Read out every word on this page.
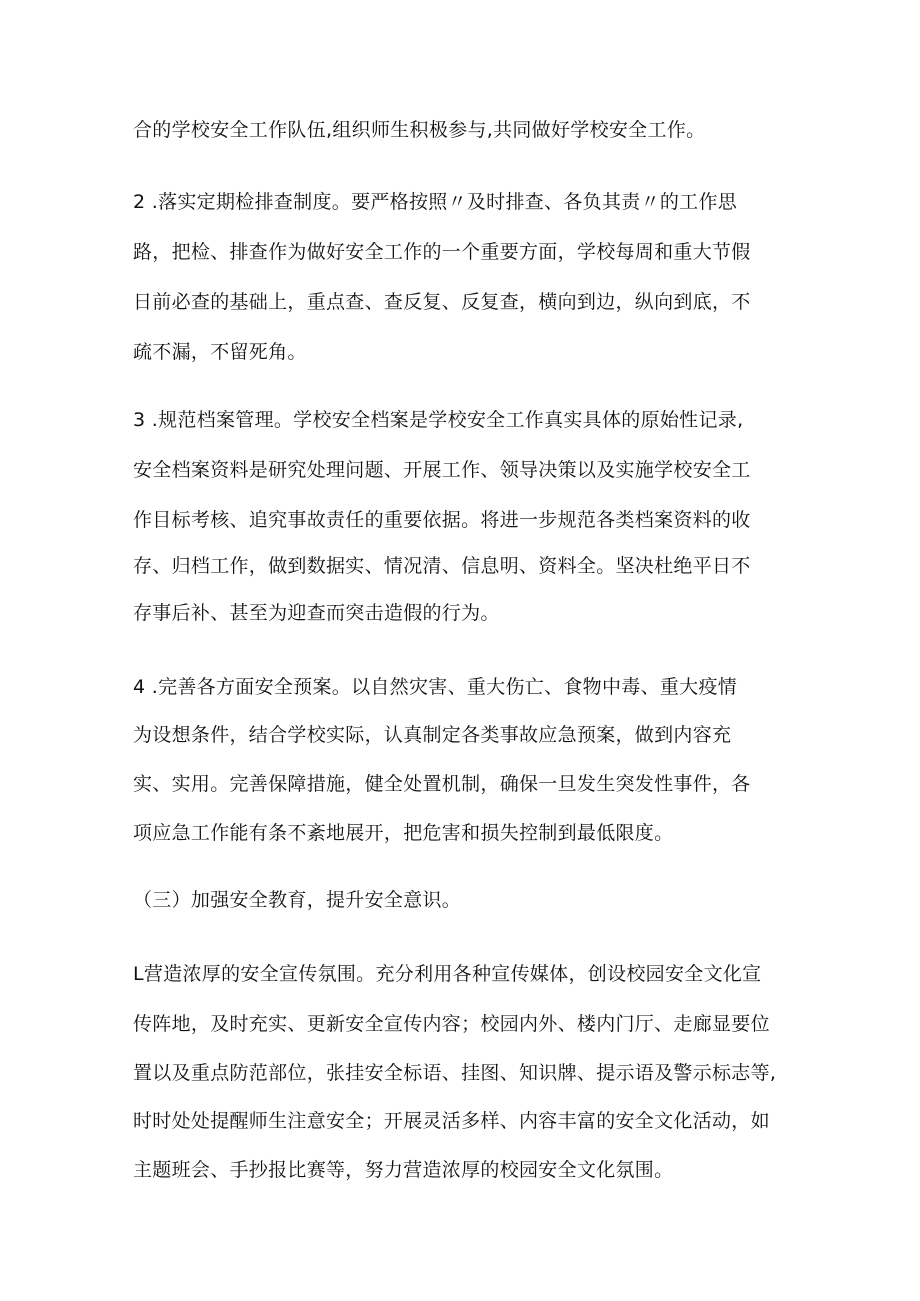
合的学校安全工作队伍,组织师生积极参与,共同做好学校安全工作。
2 .落实定期检排查制度。要严格按照〃及时排查、各负其责〃的工作思
路，把检、排查作为做好安全工作的一个重要方面，学校每周和重大节假
日前必查的基础上，重点查、查反复、反复查，横向到边，纵向到底，不
疏不漏，不留死角。
3 .规范档案管理。学校安全档案是学校安全工作真实具体的原始性记录,
安全档案资料是研究处理问题、开展工作、领导决策以及实施学校安全工
作目标考核、追究事故责任的重要依据。将进一步规范各类档案资料的收
存、归档工作，做到数据实、情况清、信息明、资料全。坚决杜绝平日不
存事后补、甚至为迎查而突击造假的行为。
4 .完善各方面安全预案。以自然灾害、重大伤亡、食物中毒、重大疫情
为设想条件，结合学校实际，认真制定各类事故应急预案，做到内容充
实、实用。完善保障措施，健全处置机制，确保一旦发生突发性事件，各
项应急工作能有条不紊地展开，把危害和损失控制到最低限度。
（三）加强安全教育，提升安全意识。
L营造浓厚的安全宣传氛围。充分利用各种宣传媒体，创设校园安全文化宣
传阵地，及时充实、更新安全宣传内容；校园内外、楼内门厅、走廊显要位
置以及重点防范部位，张挂安全标语、挂图、知识牌、提示语及警示标志等,
时时处处提醒师生注意安全；开展灵活多样、内容丰富的安全文化活动，如
主题班会、手抄报比赛等，努力营造浓厚的校园安全文化氛围。
